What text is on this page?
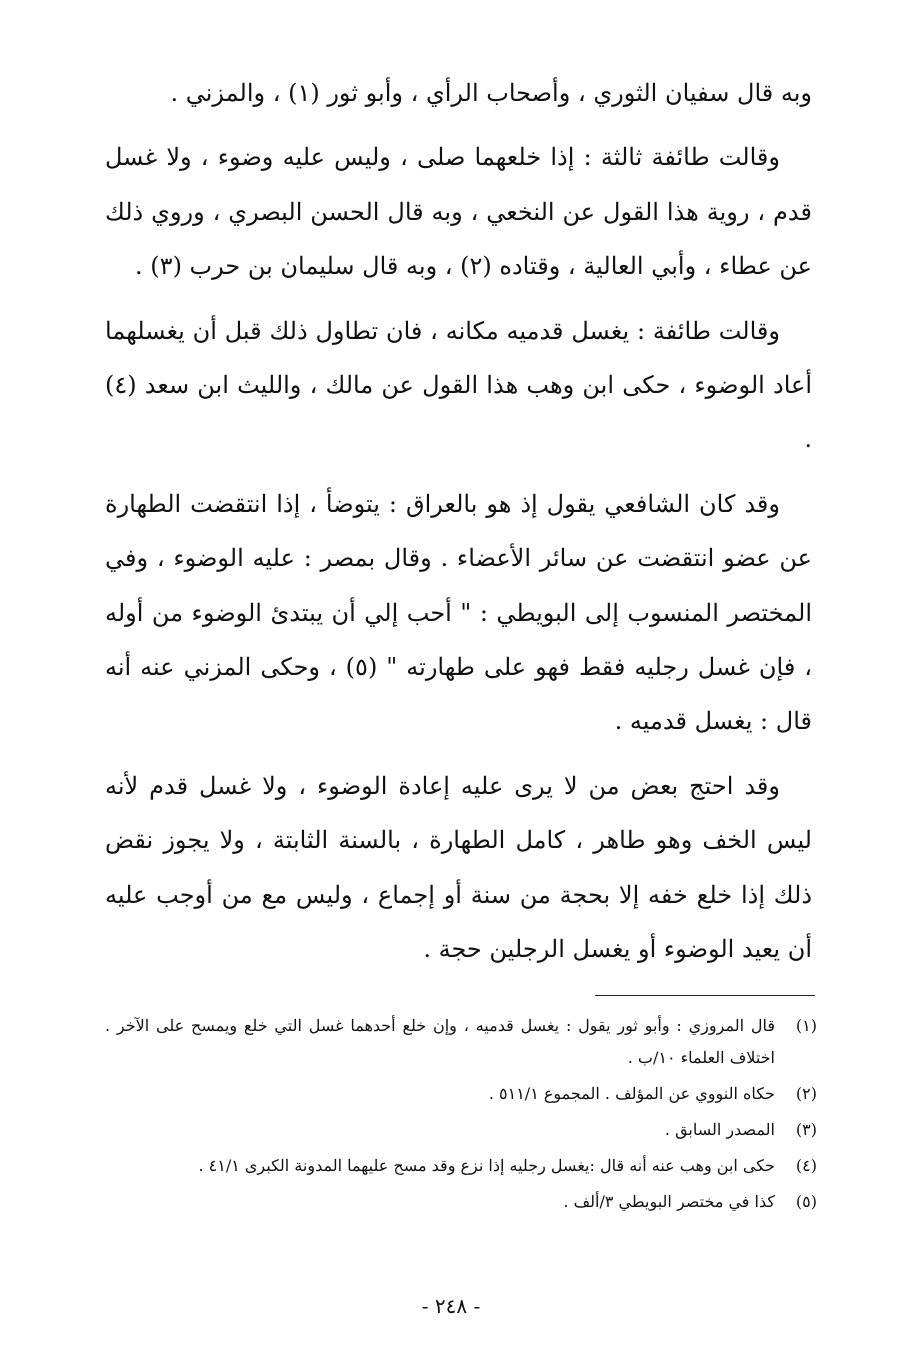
وبه قال سفيان الثوري ، وأصحاب الرأي ، وأبو ثور (١) ، والمزني .

وقالت طائفة ثالثة : إذا خلعهما صلى ، وليس عليه وضوء ، ولا غسل قدم ، روية هذا القول عن النخعي ، وبه قال الحسن البصري ، وروي ذلك عن عطاء ، وأبي العالية ، وقتاده (٢) ، وبه قال سليمان بن حرب (٣) .

وقالت طائفة : يغسل قدميه مكانه ، فان تطاول ذلك قبل أن يغسلهما أعاد الوضوء ، حكى ابن وهب هذا القول عن مالك ، والليث ابن سعد (٤) .

وقد كان الشافعي يقول إذ هو بالعراق : يتوضأ ، إذا انتقضت الطهارة عن عضو انتقضت عن سائر الأعضاء . وقال بمصر : عليه الوضوء ، وفي المختصر المنسوب إلى البويطي : " أحب إلي أن يبتدئ الوضوء من أوله ، فإن غسل رجليه فقط فهو على طهارته " (٥) ، وحكى المزني عنه أنه قال : يغسل قدميه .

وقد احتج بعض من لا يرى عليه إعادة الوضوء ، ولا غسل قدم لأنه ليس الخف وهو طاهر ، كامل الطهارة ، بالسنة الثابتة ، ولا يجوز نقض ذلك إذا خلع خفه إلا بحجة من سنة أو إجماع ، وليس مع من أوجب عليه أن يعيد الوضوء أو يغسل الرجلين حجة .

(١)
قال المروزي : وأبو ثور يقول : يغسل قدميه ، وإن خلع أحدهما غسل التي خلع ويمسح على الآخر . اختلاف العلماء ١٠/ب .
(٢)
حكاه النووي عن المؤلف . المجموع ٥١١/١ .
(٣)
المصدر السابق .
(٤)
حكى ابن وهب عنه أنه قال :يغسل رجليه إذا نزع وقد مسح عليهما المدونة الكبرى ٤١/١ .
(٥)
كذا في مختصر البويطي ٣/ألف .
- ٢٤٨ -
